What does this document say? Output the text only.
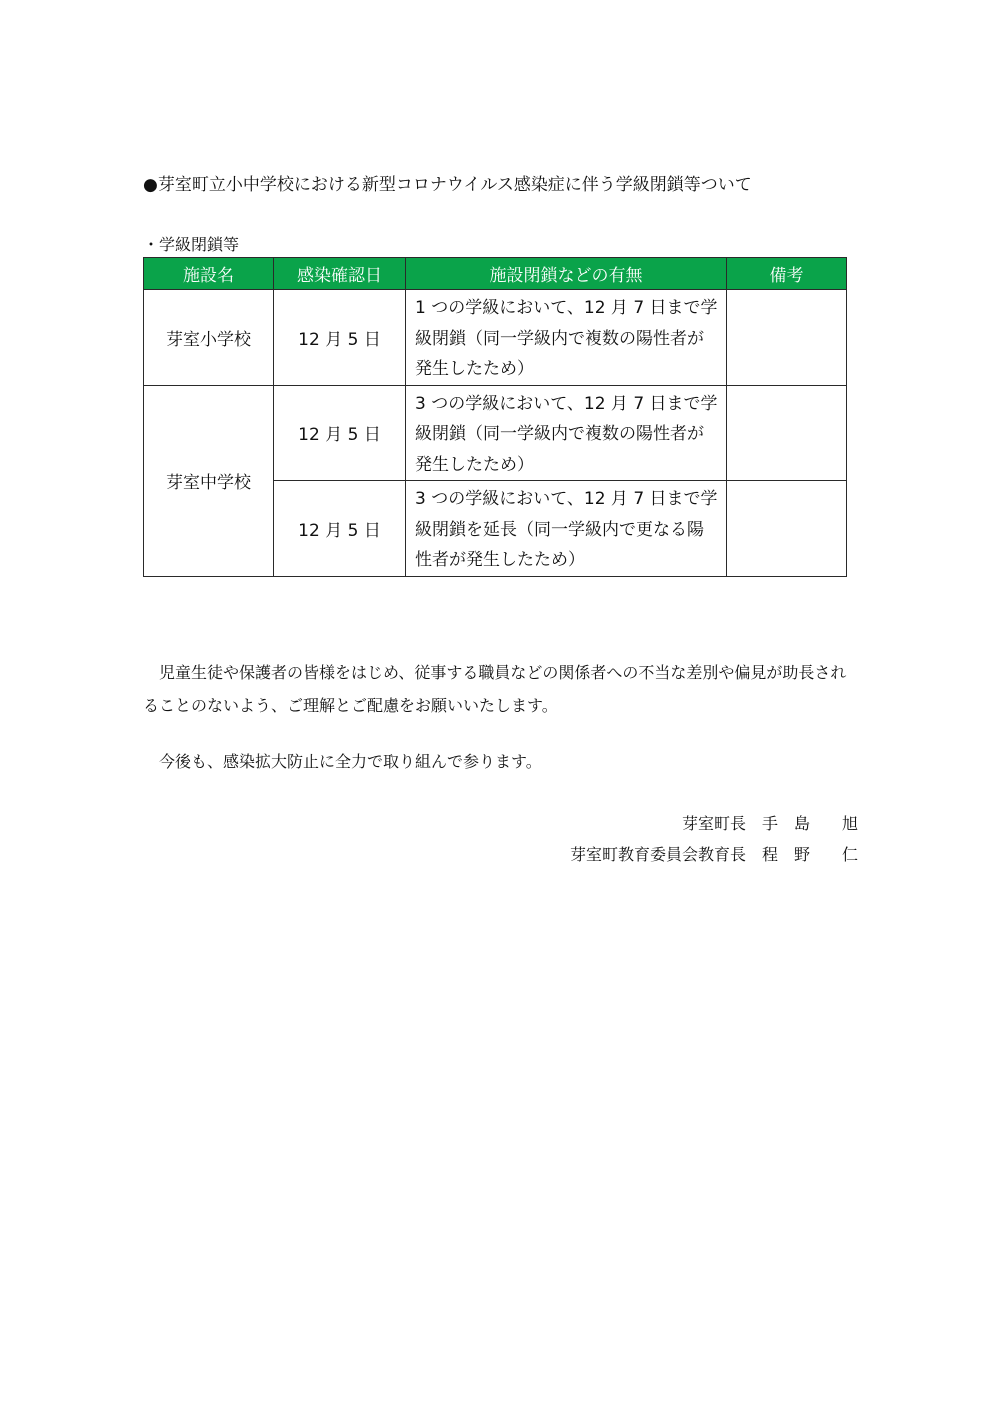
●芽室町立小中学校における新型コロナウイルス感染症に伴う学級閉鎖等ついて
・学級閉鎖等
施設名	感染確認日	施設閉鎖などの有無	備考
芽室小学校	12 月 5 日	1 つの学級において、12 月 7 日まで学級閉鎖（同一学級内で複数の陽性者が発生したため）	
芽室中学校	12 月 5 日	3 つの学級において、12 月 7 日まで学級閉鎖（同一学級内で複数の陽性者が発生したため）	
	12 月 5 日	3 つの学級において、12 月 7 日まで学級閉鎖を延長（同一学級内で更なる陽性者が発生したため）	
児童生徒や保護者の皆様をはじめ、従事する職員などの関係者への不当な差別や偏見が助長されることのないよう、ご理解とご配慮をお願いいたします。
今後も、感染拡大防止に全力で取り組んで参ります。
芽室町長　手　島　　旭
芽室町教育委員会教育長　程　野　　仁
